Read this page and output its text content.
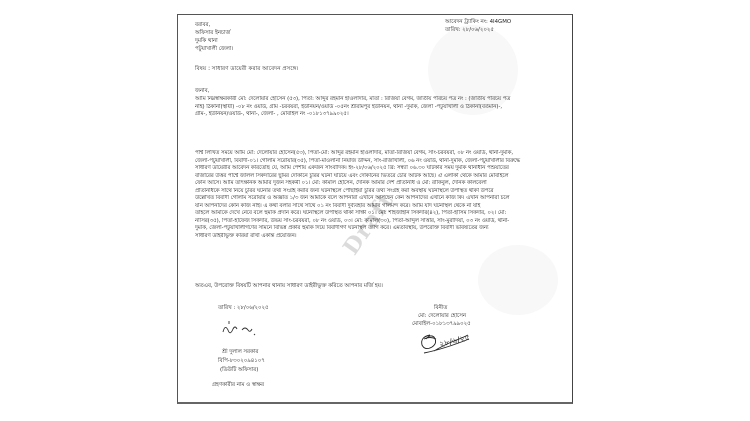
বরাবর,
অফিসার ইনচার্জ
দুমকি থানা
পটুয়াখালী জেলা।
আবেদন ট্র্যাকিং নং: 4I4GMO
তারিখ: ২৮/০৬/২০২৫
বিষয় : সাধারণ ডায়েরী করার আবেদন প্রসঙ্গে।
জনাব,
আমি নিম্নস্বাক্ষরকারী মো: দেলোয়ার হোসেন (৫৩), পিতা: আব্দুর রহমান হাওলাদার, মাতা : রিজিয়া বেগম, জাতীয় পরিচয় পত্র নং : (জাতীয় পরিচয় পত্র
নাই) ঠিকানা(স্থায়ী) -০৮ নং ওয়ার্ড, গ্রাম -চরবয়রা, ইউনিয়ন/ওয়ার্ড -০৫নং শ্রীরামপুর ইউনিয়ন, থানা -দুমকি, জেলা -পটুয়াখালী ও ঠিকানা(বর্তমান)-,
গ্রাম-, ইউনিয়ন/ওয়ার্ড-, থানা-, জেলা- , মোবাইল নং -০১৮১৩৭৯৯০২৫।
পার্শ্ব লিখিত সময়ে আমি মো: দেলোয়ার হোসেন(৫৩), পিতা-মো: আব্দুর রহমান হাওলাদার, মাতা-রিজিয়া বেগম, সাং-চরবয়রা, ০৮ নং ওয়ার্ড, থানা-দুমকি,
জেলা-পটুয়াখালী, বিবাদী-০১। গোলাম সরোয়ার(৩৫), পিতা-মাওলানা নিয়াজ উদ্দিন, সাং-রাজাখালী, ০৬ নং ওয়ার্ড, থানা-দুমকি, জেলা-পটুয়াখালীর বিরুদ্ধে
সাধারণ ডায়েরীর আবেদন করিতেছি যে, আমি পেশায় একজন সাংবাদিক। ইং-২৮/০৬/২০২৫ খ্রি: সন্ধ্যা ০৬.৩০ ঘটিকার সময় দুমকি থানাধীন পশুয়াতের
বাজারের উত্তর পার্শ্বে জলিল সিকদারের ছুমির দোকানে চুরির ঘটনা ঘটিয়ে এবং দোকানের ভিতরে চোর আটক আছে। ঐ এলাকা থেকে আমার মোবাইলে
ফোন আসে। আমি তাৎক্ষনিক আমার দুজন সহকর্মী ০১। মো: কামাল হোসেন, দৈনিক আমার দেশ প্রতিনিধি ও মো: রাকিবুল, দৈনিক কালবেলা
প্রতিনিধিকে সাথে নিয়ে চুরির ঘটনার তথ্য সংগ্রহ করার জন্য ঘটনাস্থলে পৌঁছাইয়া চুরির তথ্য সংগ্রহ করা অবস্থায় ঘটনাস্থলে উপস্থিত থাকা উপরে
উল্লেখিত বিবাদী গোলাম সরোয়ার ও অজ্ঞাত ১/৩ জন আমাকে বলে আপনারা এখানে আসছেন কেন আপনাদের এখানে কাজ কি। এখনি আপনারা চলে
যান আপনাদের কোন কাজ নাই। এ কথা বলার সাথে সাথে ০১ নং বিবাদী দুর্ব্যবহার আমার গালমন্দ করে। আমি যদি ঘটনাস্থল থেকে না যাই
তাহলে আমাকে দেখে নেবে বলে হুমকি প্রদান করে। ঘটনাস্থলে উপস্থিত থাকা সাক্ষী ০১। মো: শাহজাহান সিকদার(৪২), পিতা-হাসিম সিকদার, ০২। মো:
নাসির(৩৫), পিতা-হাফেজ সিকদার, উভয় সাং-চরবয়রা, ০৮ নং ওয়ার্ড, ০৩। মো: কামাল(৩০), পিতা-আব্দুল সাত্তার, সাং-মুরাদিয়া, ০৩ নং ওয়ার্ড, থানা-
দুমকি, জেলা-পটুয়াখালীগণের সামনে বিভিন্ন প্রকার হুমকি দিয়ে বিবাদীগণ ঘটনাস্থল ত্যাগ করে। এমতাবস্থায়, উপরোক্ত বিবাদী ভবিষ্যতের জন্য
সাধারণ ডাইরীভুক্ত করিয়া রাখা একান্ত প্রয়োজন।
অতএব, উপরোক্ত বিষয়টি আপনার থানায় সাধারণ ডাইরীভুক্ত করিতে আপনার মর্জি হয়।
তারিখ : ২৮/০৬/২০২৫
শ্রী দুলাল সরকার
বিপি-৮৩০২০৯৪১০৭
(ডিউটি অফিসার)
গ্রহণকারীর নাম ও স্বাক্ষর
বিনীত
মো: দেলোয়ার হোসেন
মোবাইল-০১৮১৩৭৯৯০২৫
২৮/৬/২৫
Draft
